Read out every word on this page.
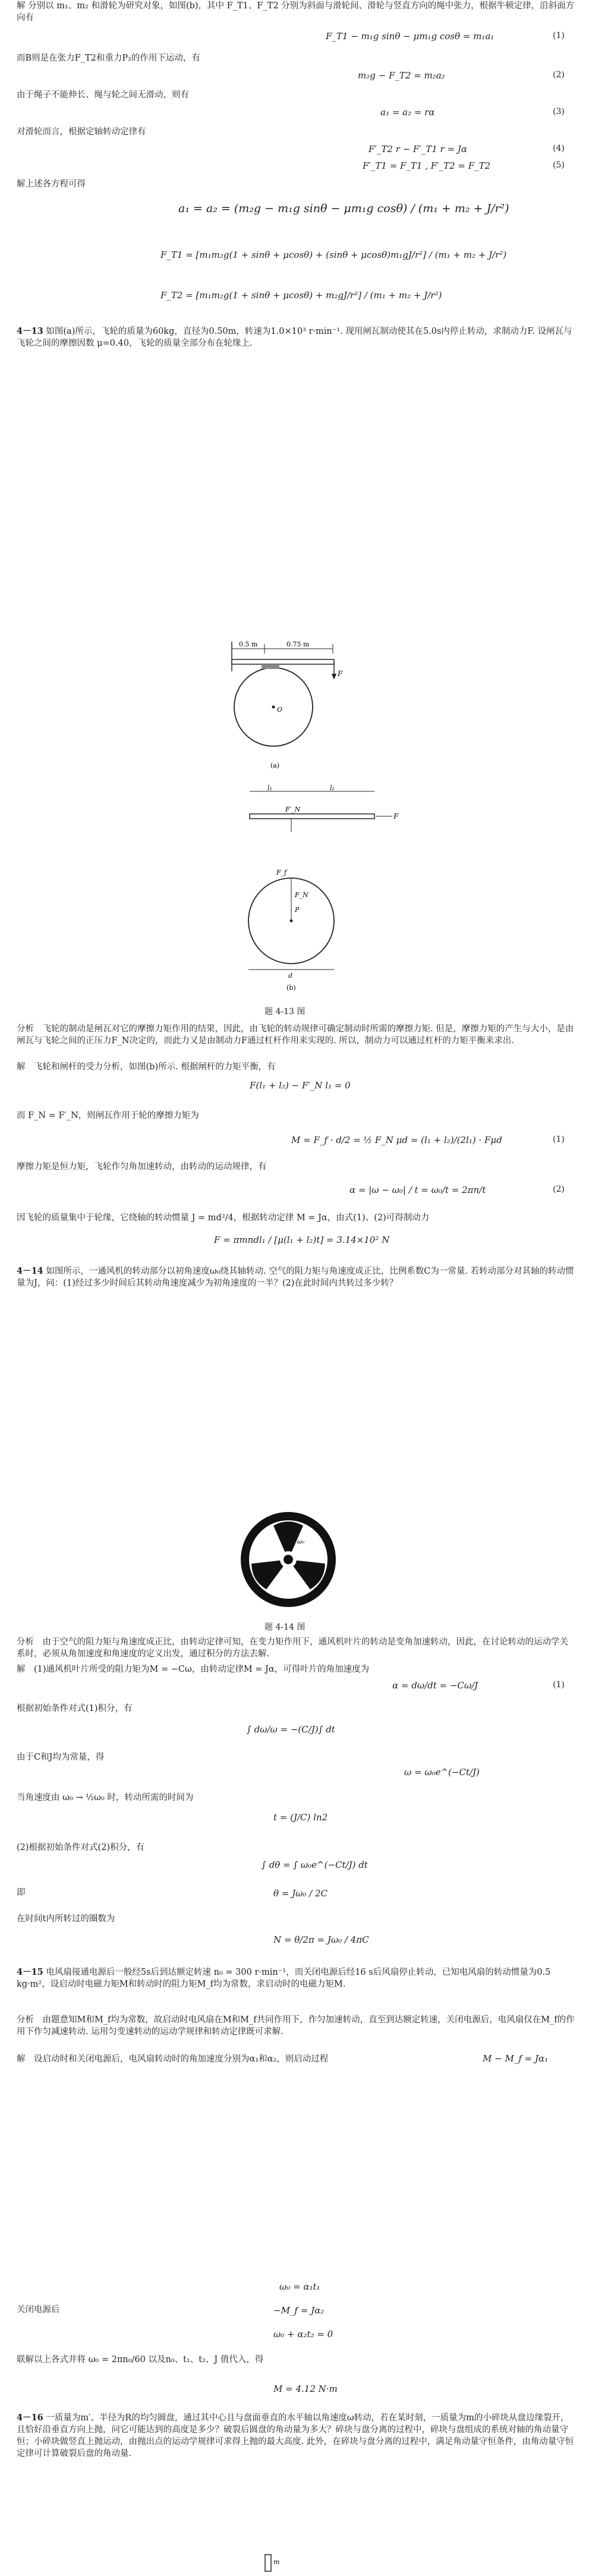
解 分别以 m₁、m₂ 和滑轮为研究对象，如图(b)，其中 F_T1、F_T2 分别为斜面与滑轮间、滑轮与竖直方向的绳中张力，根据牛顿定律，沿斜面方向有
F_T1 − m₁g sinθ − μm₁g cosθ = m₁a₁	(1)
而B则是在张力F_T2和重力P₂的作用下运动，有
m₂g − F_T2 = m₂a₂	(2)
由于绳子不能伸长、绳与轮之间无滑动，则有
a₁ = a₂ = rα	(3)
对滑轮而言，根据定轴转动定律有
F′_T2 r − F′_T1 r = Jα	(4)
F′_T1 = F_T1 , F′_T2 = F_T2	(5)
解上述各方程可得
a₁ = a₂ = (m₂g − m₁g sinθ − μm₁g cosθ) / (m₁ + m₂ + J/r²)
F_T1 = [m₁m₂g(1 + sinθ + μcosθ) + (sinθ + μcosθ)m₁gJ/r²] / (m₁ + m₂ + J/r²)
F_T2 = [m₁m₂g(1 + sinθ + μcosθ) + m₂gJ/r²] / (m₁ + m₂ + J/r²)
4－13 如图(a)所示，飞轮的质量为60kg，直径为0.50m，转速为1.0×10³ r·min⁻¹. 现用闸瓦制动使其在5.0s内停止转动，求制动力F. 设闸瓦与飞轮之间的摩擦因数 μ=0.40，飞轮的质量全部分布在轮缘上.
0.5 m	0.75 m
F
O
(a)
l₁	l₂
F
F′_N
F_f
F_N
P
d
(b)
题 4-13 图
分析　飞轮的制动是闸瓦对它的摩擦力矩作用的结果，因此，由飞轮的转动规律可确定制动时所需的摩擦力矩. 但是，摩擦力矩的产生与大小，是由闸瓦与飞轮之间的正压力F_N决定的，而此力又是由制动力F通过杠杆作用来实现的. 所以，制动力可以通过杠杆的力矩平衡来求出.
解　飞轮和闸杆的受力分析，如图(b)所示. 根据闸杆的力矩平衡，有
F(l₁ + l₂) − F′_N l₁ = 0
而 F_N = F′_N，则闸瓦作用于轮的摩擦力矩为
M = F_f · d/2 = ½ F_N μd = (l₁ + l₂)/(2l₁) · Fμd	(1)
摩擦力矩是恒力矩，飞轮作匀角加速转动，由转动的运动规律，有
α = |ω − ω₀| / t = ω₀/t = 2πn/t	(2)
因飞轮的质量集中于轮缘，它绕轴的转动惯量 J = md²/4，根据转动定律 M = Jα，由式(1)、(2)可得制动力
F = πmndl₁ / [μ(l₁ + l₂)t] = 3.14×10² N
4－14 如图所示，一通风机的转动部分以初角速度ω₀绕其轴转动. 空气的阻力矩与角速度成正比，比例系数C为一常量. 若转动部分对其轴的转动惯量为J，问：(1)经过多少时间后其转动角速度减少为初角速度的一半？(2)在此时间内共转过多少转？
ω₀
题 4-14 图
分析　由于空气的阻力矩与角速度成正比，由转动定律可知，在变力矩作用下，通风机叶片的转动是变角加速转动，因此，在讨论转动的运动学关系时，必须从角加速度和角速度的定义出发，通过积分的方法去解.
解　(1)通风机叶片所受的阻力矩为M = −Cω，由转动定律M = Jα，可得叶片的角加速度为
α = dω/dt = −Cω/J	(1)
根据初始条件对式(1)积分，有
∫ dω/ω = −(C/J)∫ dt
由于C和J均为常量，得
ω = ω₀e^(−Ct/J)
当角速度由 ω₀ → ½ω₀ 时，转动所需的时间为
t = (J/C) ln2
(2)根据初始条件对式(2)积分，有
∫ dθ = ∫ ω₀e^(−Ct/J) dt
即	θ = Jω₀ / 2C
在时间t内所转过的圈数为
N = θ/2π = Jω₀ / 4πC
4－15 电风扇接通电源后一般经5s后到达额定转速 n₀ = 300 r·min⁻¹，而关闭电源后经16 s后风扇停止转动，已知电风扇的转动惯量为0.5 kg·m²，设启动时电磁力矩M和转动时的阻力矩M_f均为常数，求启动时的电磁力矩M.
分析　由题意知M和M_f均为常数，故启动时电风扇在M和M_f共同作用下，作匀加速转动，直至到达额定转速，关闭电源后，电风扇仅在M_f的作用下作匀减速转动. 运用匀变速转动的运动学规律和转动定律既可求解.
解　设启动时和关闭电源后，电风扇转动时的角加速度分别为α₁和α₂，则启动过程	M − M_f = Jα₁
ω₀ = α₁t₁
关闭电源后	−M_f = Jα₂
ω₀ + α₂t₂ = 0
联解以上各式并将 ω₀ = 2πn₀/60 以及n₀、t₁、t₂、J 值代入，得
M = 4.12 N·m
4－16 一质量为m′、半径为R的均匀圆盘，通过其中心且与盘面垂直的水平轴以角速度ω转动，若在某时刻，一质量为m的小碎块从盘边缘裂开，且恰好沿垂直方向上抛，问它可能达到的高度是多少？破裂后圆盘的角动量为多大？碎块与盘分离的过程中，碎块与盘组成的系统对轴的角动量守恒；小碎块做竖直上抛运动，由抛出点的运动学规律可求得上抛的最大高度. 此外，在碎块与盘分离的过程中，满足角动量守恒条件，由角动量守恒定律可计算破裂后盘的角动量.
m
